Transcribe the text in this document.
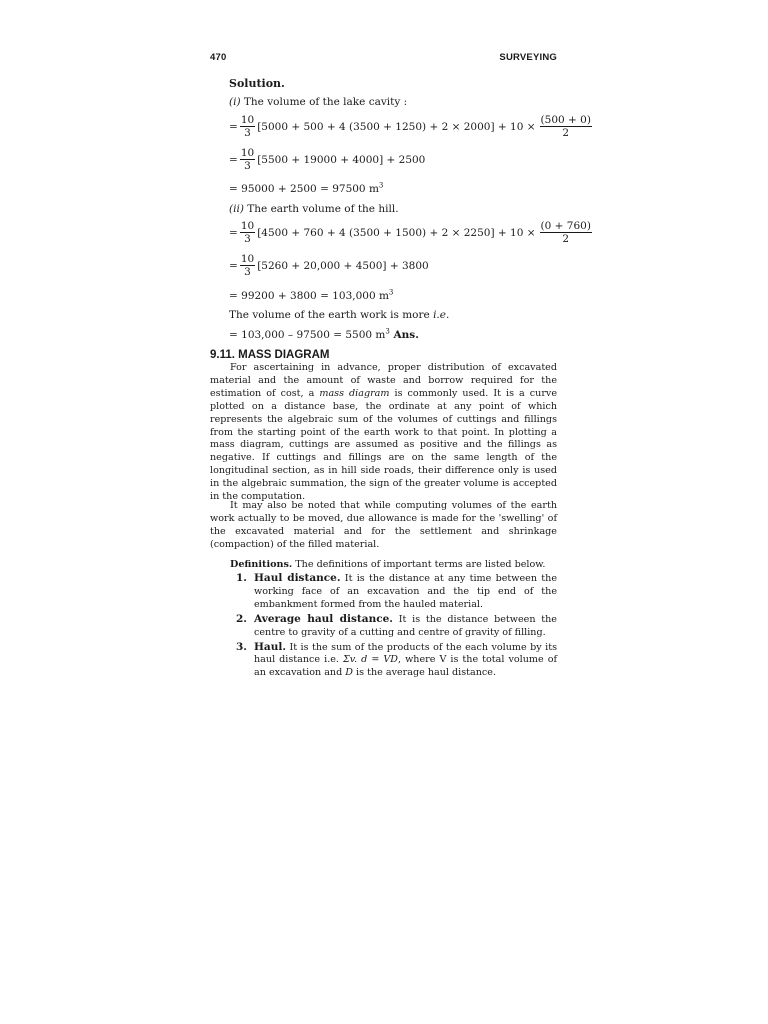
470	SURVEYING
Solution.
(i) The volume of the lake cavity :
= $\frac{10}{3} [5000 + 500 + 4$ $(3500 + 1250) + 2 \times 2000] + 10 \times \frac{(500 + 0)}{2}$
= $\frac{10}{3} [5500 + 19000 + 4000] + 2500$
= 95000 + 2500 = 97500 $m^3$
(ii) The earth volume of the hill.
= $\frac{10}{3} [4500 + 760 + 4$ $(3500 + 1500) + 2 \times 2250] + 10 \times \frac{(0 + 760)}{2}$
= $\frac{10}{3} [5260 + 20,000 + 4500] + 3800$
= 99200 + 3800 = 103,000 $m^3$
The volume of the earth work is more i.e.
= 103,000 – 97500 = 5500 $m^3$ Ans.
9.11. MASS DIAGRAM

For ascertaining in advance, proper distribution of excavated material and the amount of waste and borrow required for the estimation of cost, a mass diagram is commonly used. It is a curve plotted on a distance base, the ordinate at any point of which represents the algebraic sum of the volumes of cuttings and fillings from the starting point of the earth work to that point. In plotting a mass diagram, cuttings are assumed as positive and the fillings as negative. If cuttings and fillings are on the same length of the longitudinal section, as in hill side roads, their difference only is used in the algebraic summation, the sign of the greater volume is accepted in the computation.

It may also be noted that while computing volumes of the earth work actually to be moved, due allowance is made for the 'swelling' of the excavated material and for the settlement and shrinkage (compaction) of the filled material.

Definitions. The definitions of important terms are listed below.

1. Haul distance. It is the distance at any time between the working face of an excavation and the tip end of the embankment formed from the hauled material.
2. Average haul distance. It is the distance between the centre to gravity of a cutting and centre of gravity of filling.
3. Haul. It is the sum of the products of the each volume by its haul distance i.e. Σv. d = VD, where V is the total volume of an excavation and D is the average haul distance.
